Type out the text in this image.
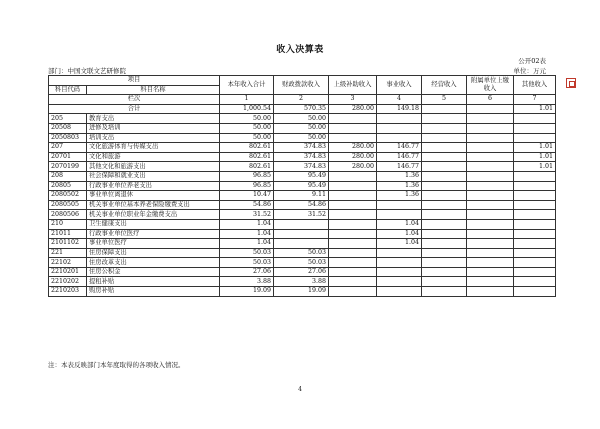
收入决算表
公开02表
部门：中国文联文艺研修院	单位：万元
项目		本年收入合计	财政拨款收入	上级补助收入	事业收入	经营收入	附属单位上缴收入	其他收入
科目代码	科目名称							
栏次		1	2	3	4	5	6	7
合计		1,000.54	570.35	280.00	149.18			1.01
205	教育支出	50.00	50.00					
20508	进修及培训	50.00	50.00					
2050803	培训支出	50.00	50.00					
207	文化旅游体育与传媒支出	802.61	374.83	280.00	146.77			1.01
20701	文化和旅游	802.61	374.83	280.00	146.77			1.01
2070199	其他文化和旅游支出	802.61	374.83	280.00	146.77			1.01
208	社会保障和就业支出	96.85	95.49		1.36			
20805	行政事业单位养老支出	96.85	95.49		1.36			
2080502	事业单位离退休	10.47	9.11		1.36			
2080505	机关事业单位基本养老保险缴费支出	54.86	54.86					
2080506	机关事业单位职业年金缴费支出	31.52	31.52					
210	卫生健康支出	1.04			1.04			
21011	行政事业单位医疗	1.04			1.04			
2101102	事业单位医疗	1.04			1.04			
221	住房保障支出	50.03	50.03					
22102	住房改革支出	50.03	50.03					
2210201	住房公积金	27.06	27.06					
2210202	提租补贴	3.88	3.88					
2210203	购房补贴	19.09	19.09					
注：本表反映部门本年度取得的各项收入情况。
4
